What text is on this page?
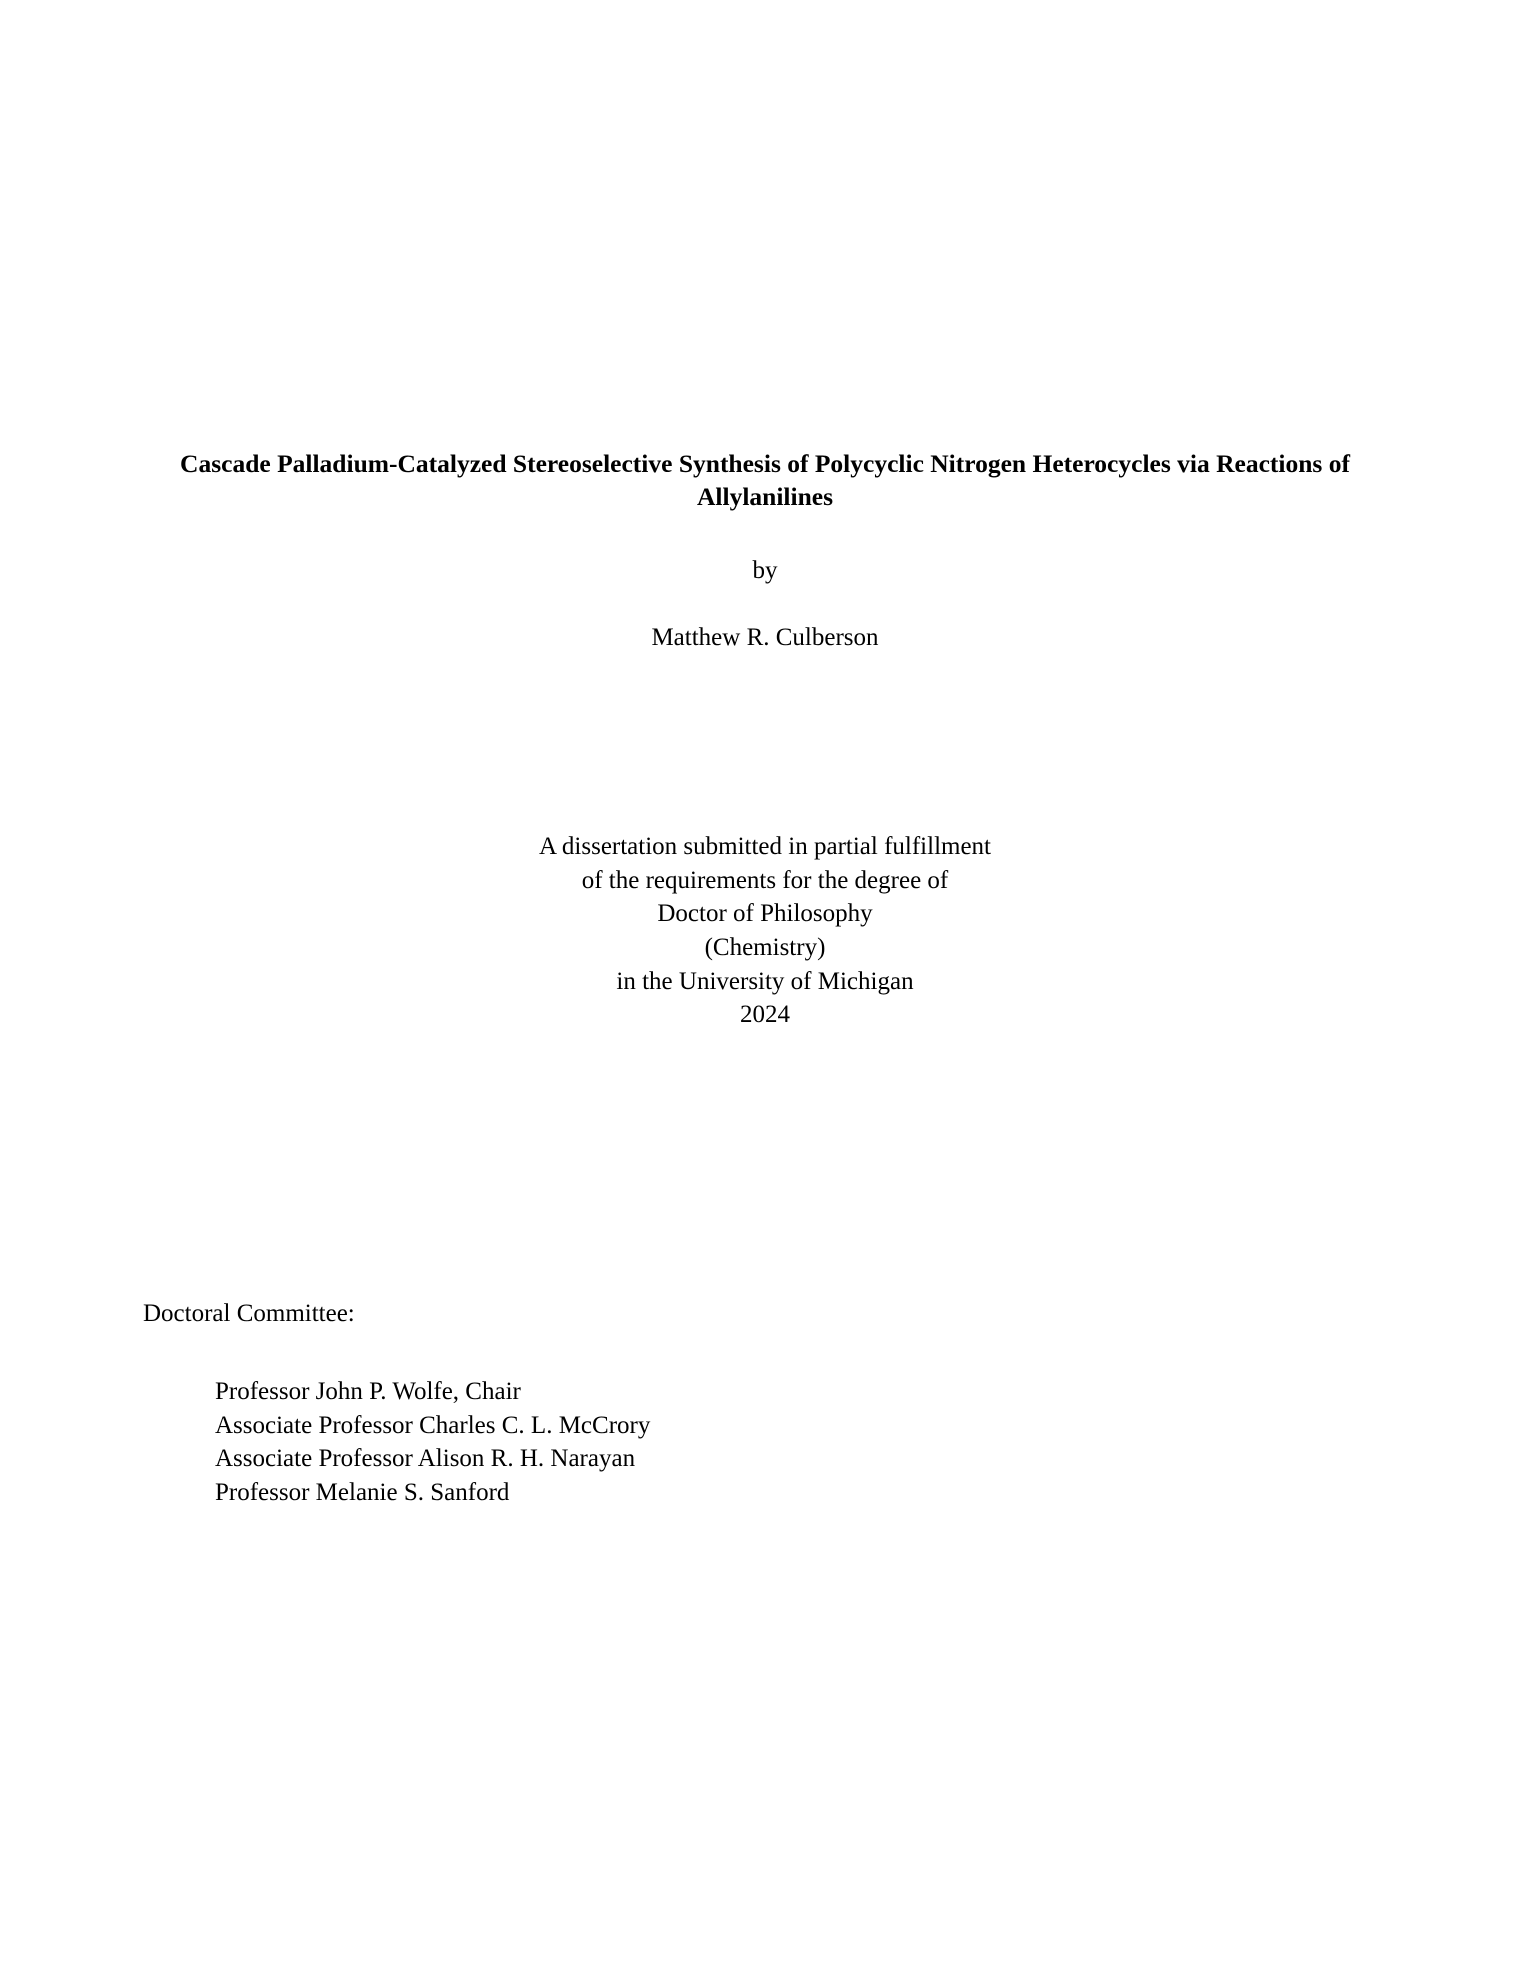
Cascade Palladium-Catalyzed Stereoselective Synthesis of Polycyclic Nitrogen Heterocycles via Reactions of Allylanilines
by
Matthew R. Culberson
A dissertation submitted in partial fulfillment
of the requirements for the degree of
Doctor of Philosophy
(Chemistry)
in the University of Michigan
2024
Doctoral Committee:
Professor John P. Wolfe, Chair
Associate Professor Charles C. L. McCrory
Associate Professor Alison R. H. Narayan
Professor Melanie S. Sanford
